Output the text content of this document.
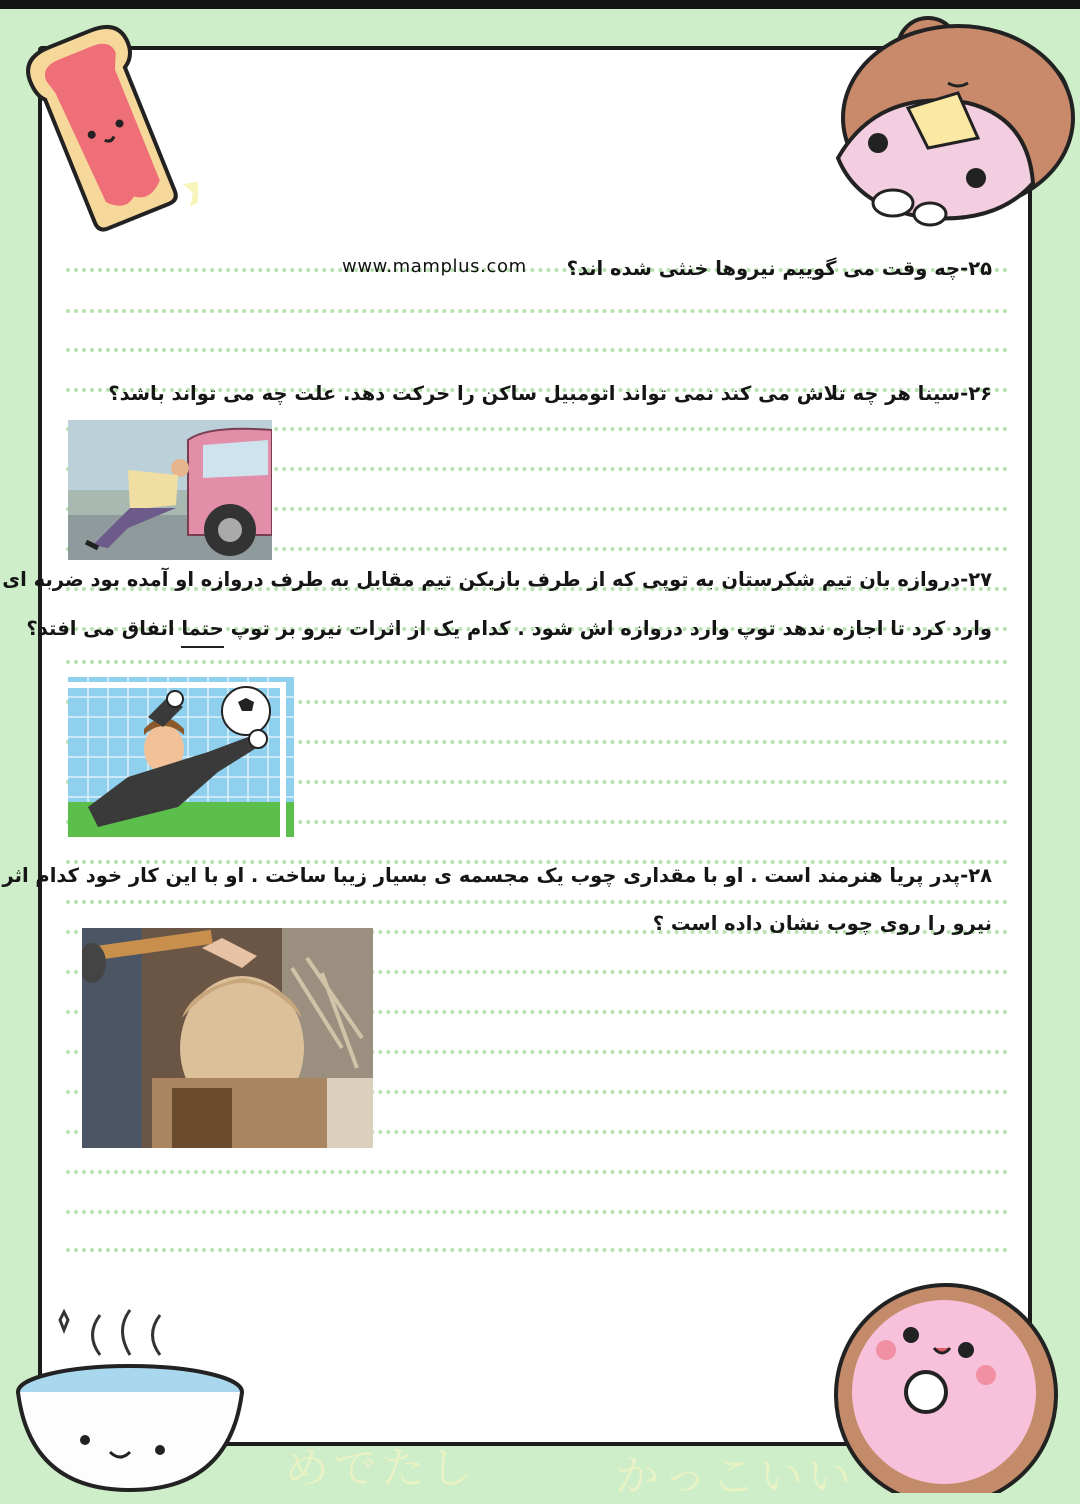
めでたし	かっこいい
۲۵-چه وقت می گوییم نیروها خنثی شده اند؟
www.mamplus.com
۲۶-سینا هر چه تلاش می کند نمی تواند اتومبیل ساکن را حرکت دهد. علت چه می تواند باشد؟
۲۷-دروازه بان تیم شکرستان به توپی که از طرف بازیکن تیم مقابل به طرف دروازه او آمده بود ضربه ای
وارد کرد تا اجازه ندهد توپ وارد دروازه اش شود . کدام یک از اثرات نیرو بر توپ حتما اتفاق می افتد؟
۲۸-پدر پریا هنرمند است . او با مقداری چوب یک مجسمه ی بسیار زیبا ساخت . او با این کار خود کدام اثر
نیرو را روی چوب نشان داده است ؟
